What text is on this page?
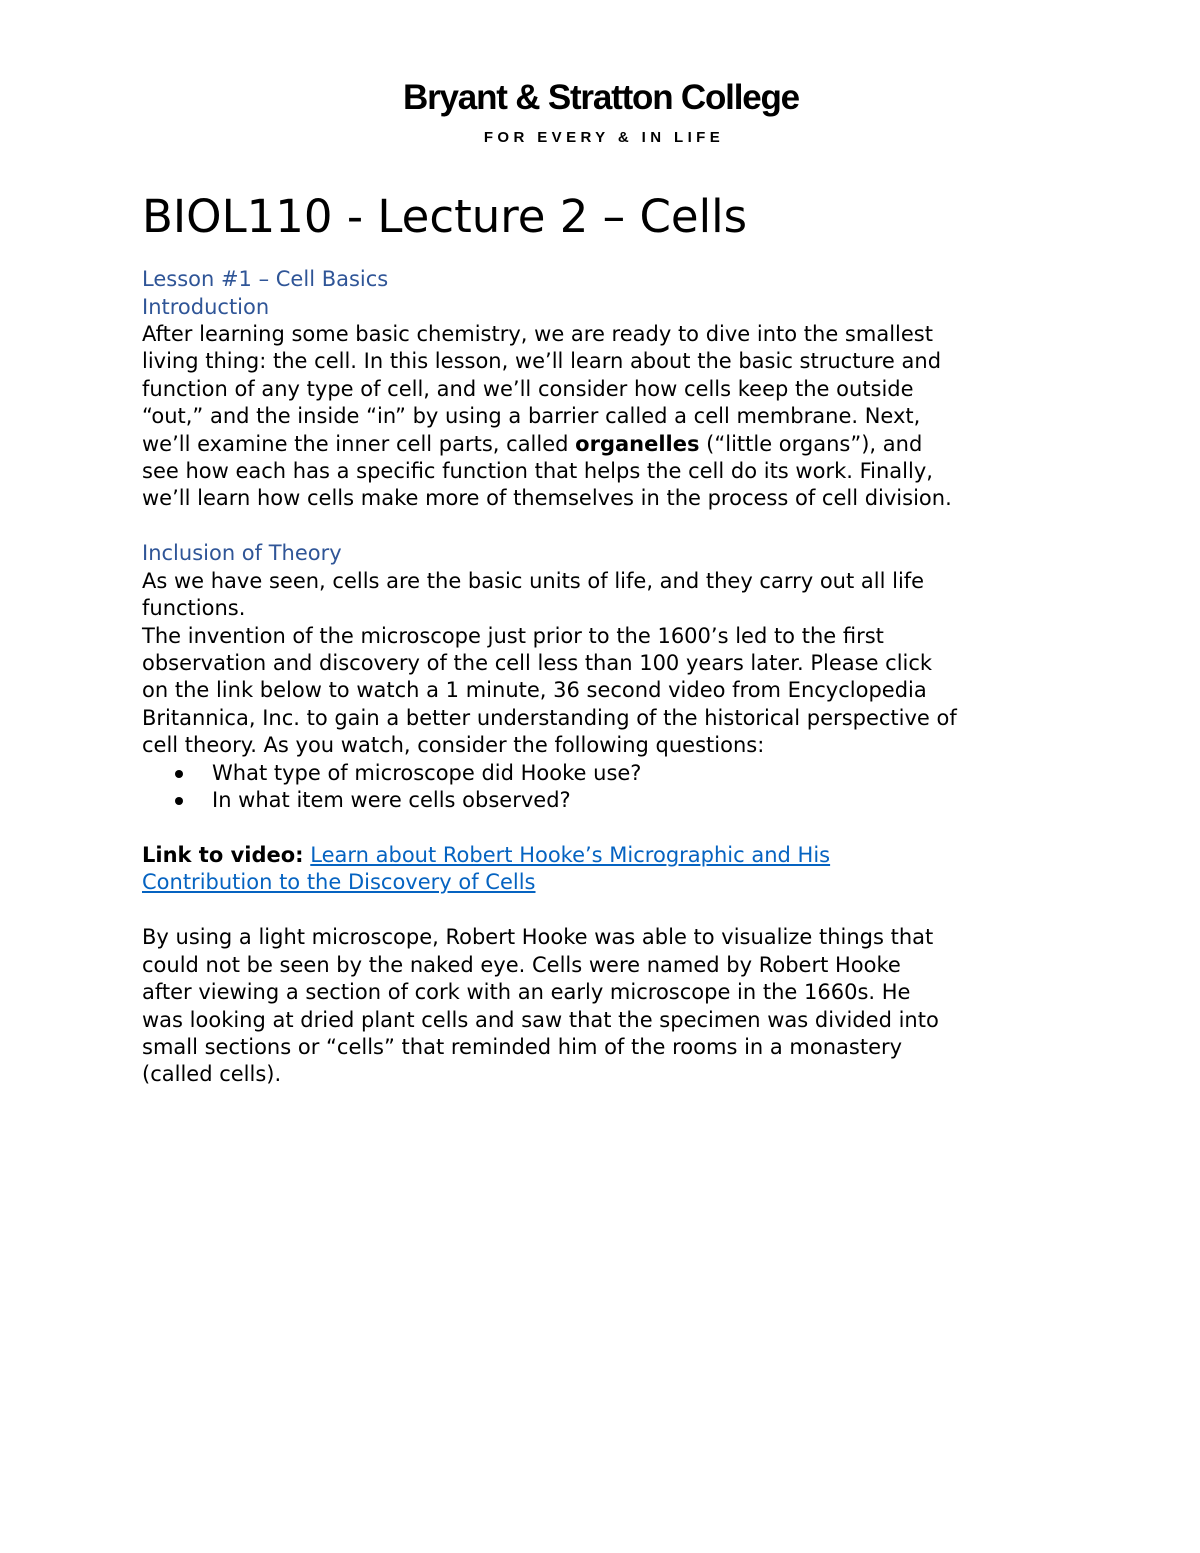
Bryant & Stratton College
FOR EVERY & IN LIFE
BIOL110 - Lecture 2 – Cells
Lesson #1 – Cell Basics
Introduction
After learning some basic chemistry, we are ready to dive into the smallest
living thing: the cell. In this lesson, we’ll learn about the basic structure and
function of any type of cell, and we’ll consider how cells keep the outside
“out,” and the inside “in” by using a barrier called a cell membrane. Next,
we’ll examine the inner cell parts, called organelles (“little organs”), and
see how each has a specific function that helps the cell do its work. Finally,
we’ll learn how cells make more of themselves in the process of cell division.
Inclusion of Theory
As we have seen, cells are the basic units of life, and they carry out all life
functions.
The invention of the microscope just prior to the 1600’s led to the first
observation and discovery of the cell less than 100 years later. Please click
on the link below to watch a 1 minute, 36 second video from Encyclopedia
Britannica, Inc. to gain a better understanding of the historical perspective of
cell theory. As you watch, consider the following questions:
What type of microscope did Hooke use?
In what item were cells observed?
Link to video: Learn about Robert Hooke’s Micrographic and His
Contribution to the Discovery of Cells
By using a light microscope, Robert Hooke was able to visualize things that
could not be seen by the naked eye. Cells were named by Robert Hooke
after viewing a section of cork with an early microscope in the 1660s. He
was looking at dried plant cells and saw that the specimen was divided into
small sections or “cells” that reminded him of the rooms in a monastery
(called cells).
